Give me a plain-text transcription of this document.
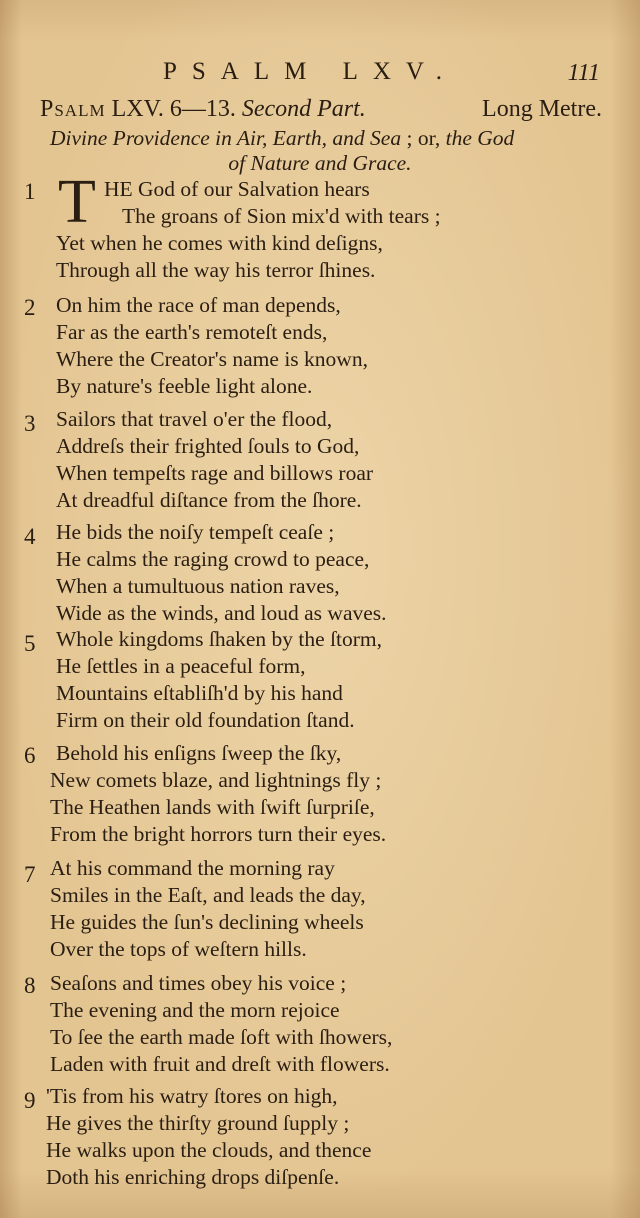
PSALM LXV.	111
Psalm LXV. 6—13. Second Part.	Long Metre.
Divine Providence in Air, Earth, and Sea ; or, the God
of Nature and Grace.
1 T HE God of our Salvation hears
The groans of Sion mix'd with tears ;
Yet when he comes with kind deſigns,
Through all the way his terror ſhines.
2 On him the race of man depends,
Far as the earth's remoteſt ends,
Where the Creator's name is known,
By nature's feeble light alone.
3 Sailors that travel o'er the flood,
Addreſs their frighted ſouls to God,
When tempeſts rage and billows roar
At dreadful diſtance from the ſhore.
4 He bids the noiſy tempeſt ceaſe ;
He calms the raging crowd to peace,
When a tumultuous nation raves,
Wide as the winds, and loud as waves.
5 Whole kingdoms ſhaken by the ſtorm,
He ſettles in a peaceful form,
Mountains eſtabliſh'd by his hand
Firm on their old foundation ſtand.
6 Behold his enſigns ſweep the ſky,
New comets blaze, and lightnings fly ;
The Heathen lands with ſwift ſurpriſe,
From the bright horrors turn their eyes.
7 At his command the morning ray
Smiles in the Eaſt, and leads the day,
He guides the ſun's declining wheels
Over the tops of weſtern hills.
8 Seaſons and times obey his voice ;
The evening and the morn rejoice
To ſee the earth made ſoft with ſhowers,
Laden with fruit and dreſt with flowers.
9 'Tis from his watry ſtores on high,
He gives the thirſty ground ſupply ;
He walks upon the clouds, and thence
Doth his enriching drops diſpenſe.
